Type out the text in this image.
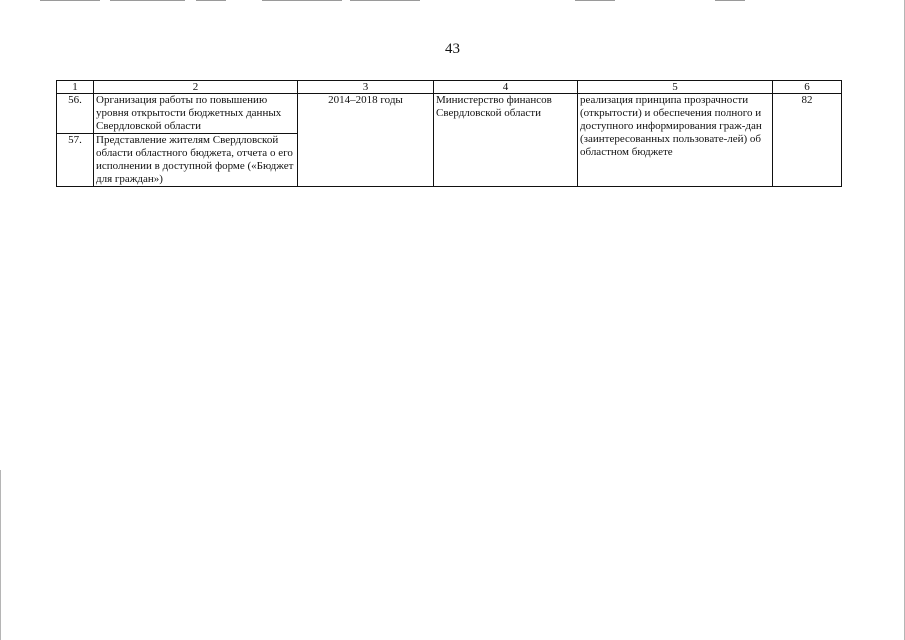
43
1	2	3	4	5	6
56.	Организация работы по повышению уровня открытости бюджетных данных Свердловской области	2014–2018 годы	Министерство финансов Свердловской области	реализация принципа прозрачности (открытости) и обеспечения полного и доступного информирования граж-дан (заинтересованных пользовате-лей) об областном бюджете	82
57.	Представление жителям Свердловской области областного бюджета, отчета о его исполнении в доступной форме («Бюджет для граждан»)				
